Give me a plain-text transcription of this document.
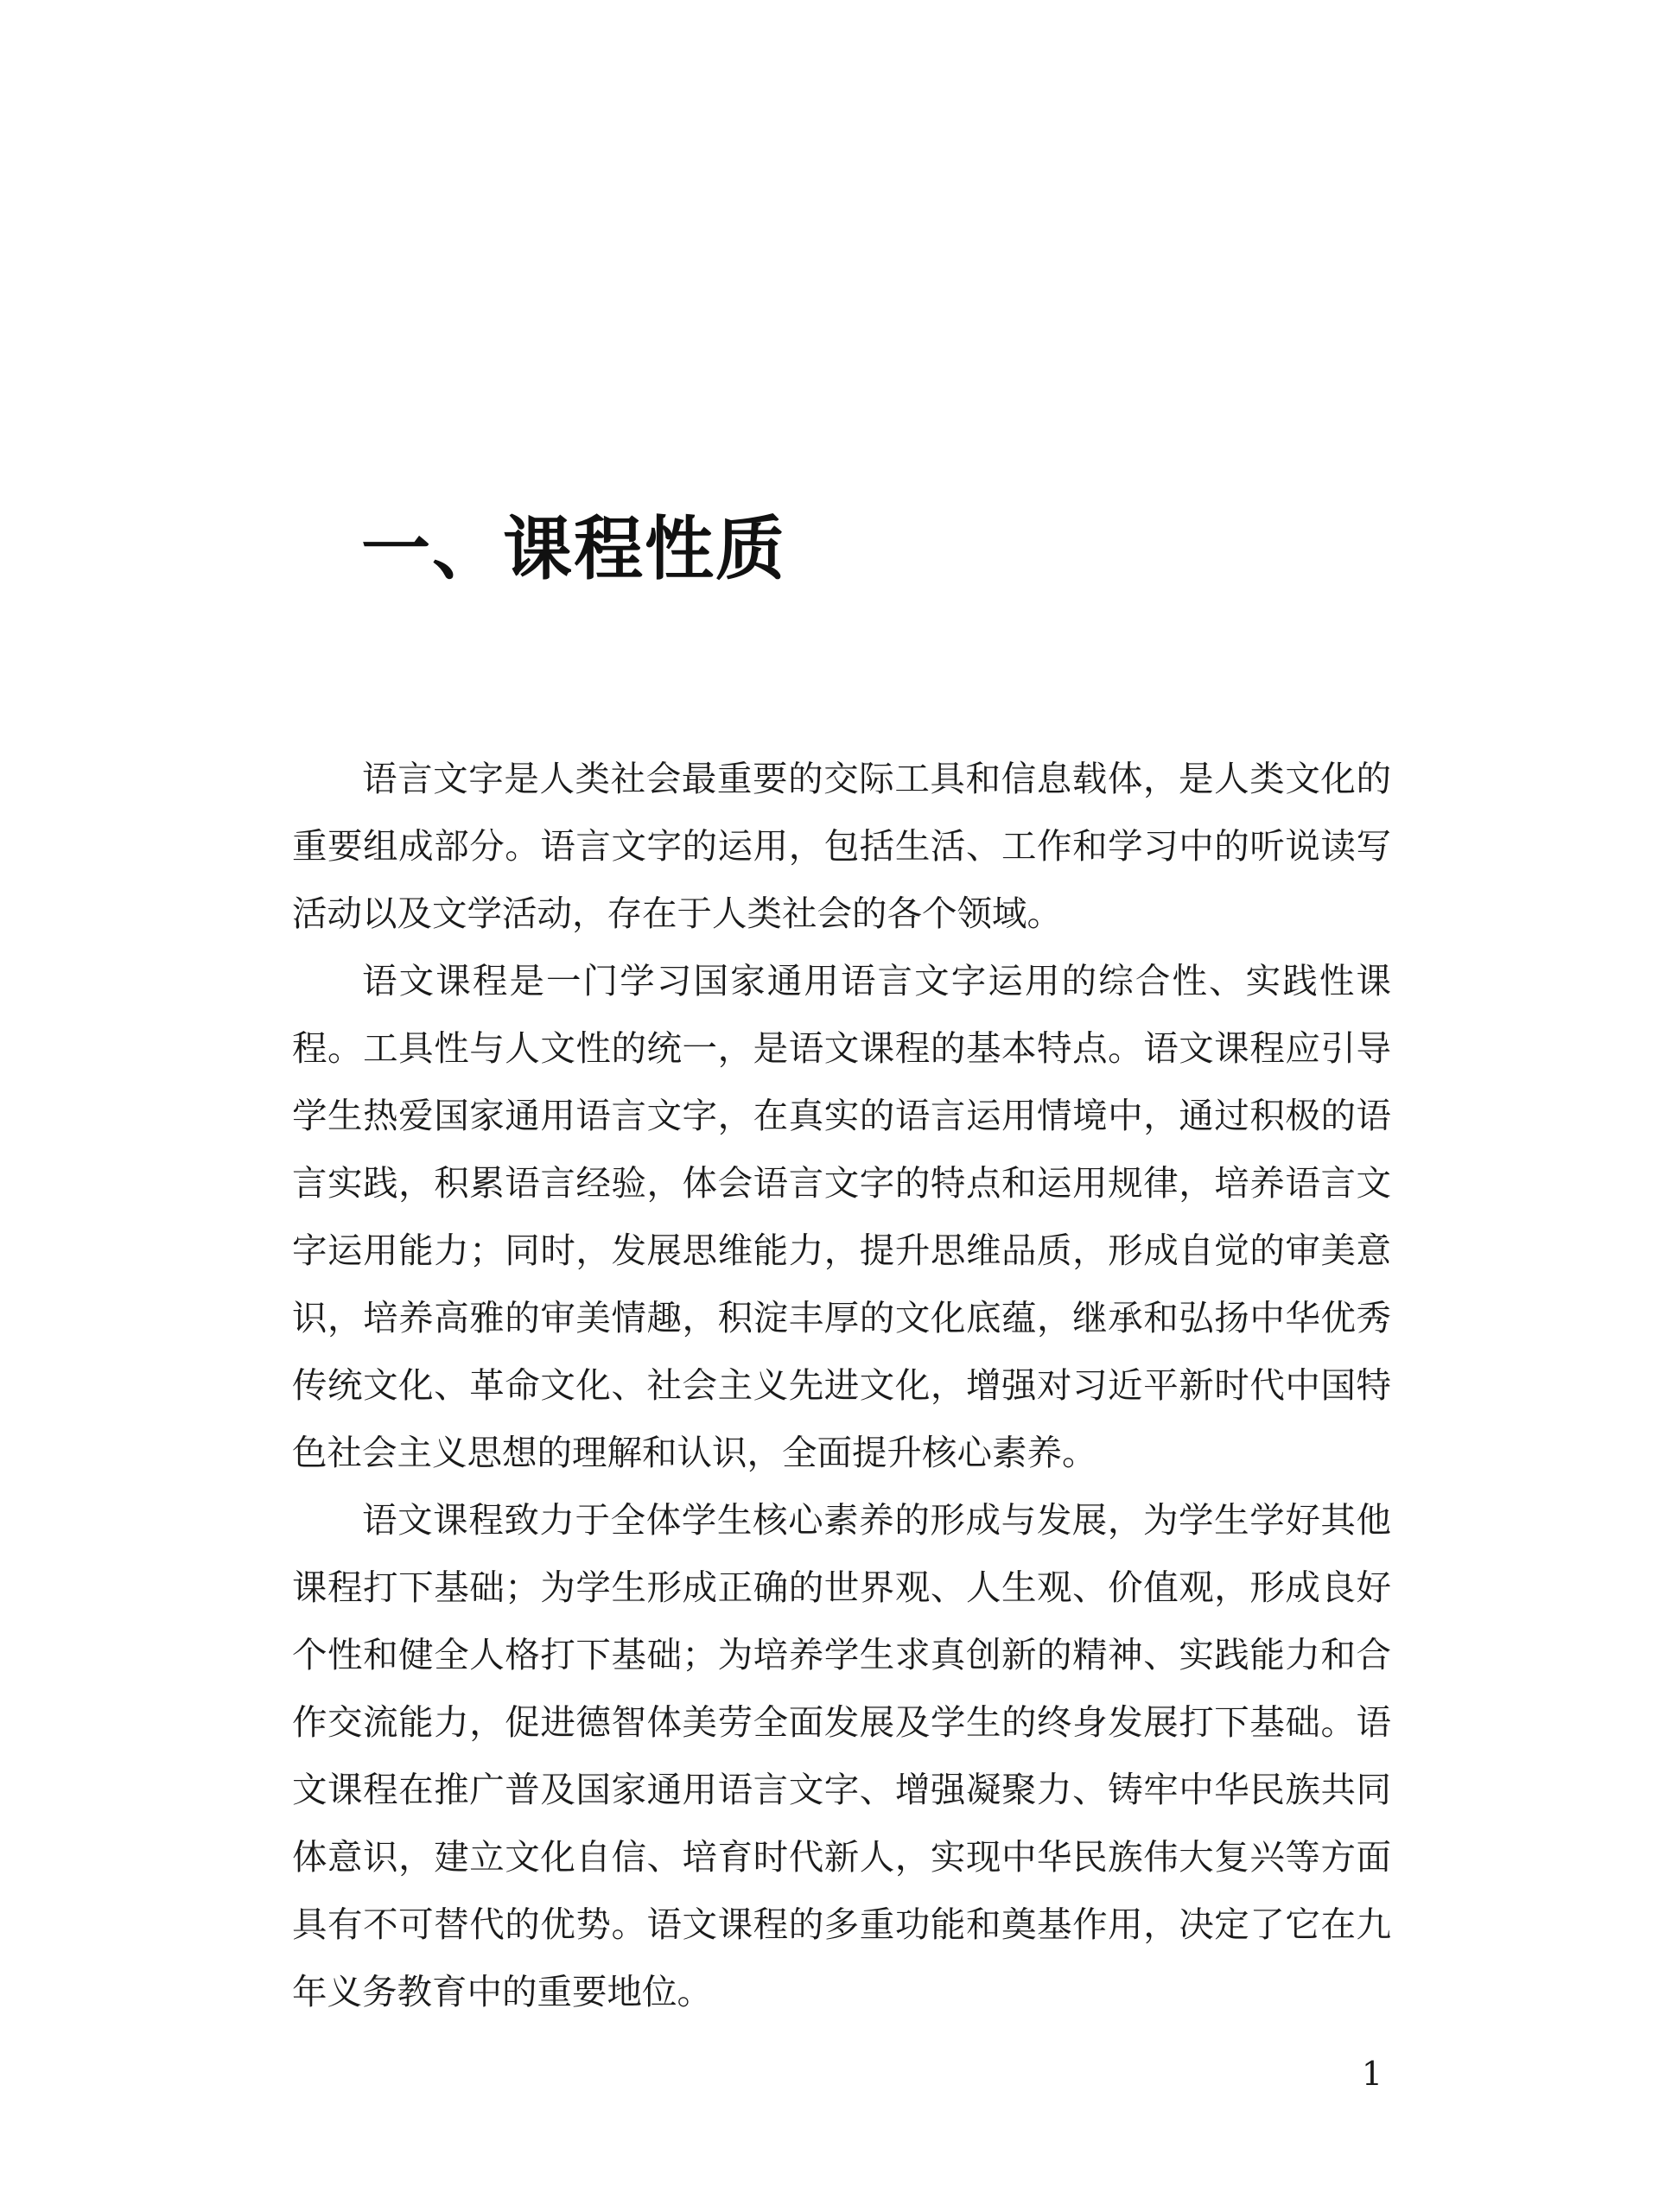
一、课程性质

语言文字是人类社会最重要的交际工具和信息载体，是人类文化的重要组成部分。语言文字的运用，包括生活、工作和学习中的听说读写活动以及文学活动，存在于人类社会的各个领域。

语文课程是一门学习国家通用语言文字运用的综合性、实践性课程。工具性与人文性的统一，是语文课程的基本特点。语文课程应引导学生热爱国家通用语言文字，在真实的语言运用情境中，通过积极的语言实践，积累语言经验，体会语言文字的特点和运用规律，培养语言文字运用能力；同时，发展思维能力，提升思维品质，形成自觉的审美意识，培养高雅的审美情趣，积淀丰厚的文化底蕴，继承和弘扬中华优秀传统文化、革命文化、社会主义先进文化，增强对习近平新时代中国特色社会主义思想的理解和认识，全面提升核心素养。

语文课程致力于全体学生核心素养的形成与发展，为学生学好其他课程打下基础；为学生形成正确的世界观、人生观、价值观，形成良好个性和健全人格打下基础；为培养学生求真创新的精神、实践能力和合作交流能力，促进德智体美劳全面发展及学生的终身发展打下基础。语文课程在推广普及国家通用语言文字、增强凝聚力、铸牢中华民族共同体意识，建立文化自信、培育时代新人，实现中华民族伟大复兴等方面具有不可替代的优势。语文课程的多重功能和奠基作用，决定了它在九年义务教育中的重要地位。

1
